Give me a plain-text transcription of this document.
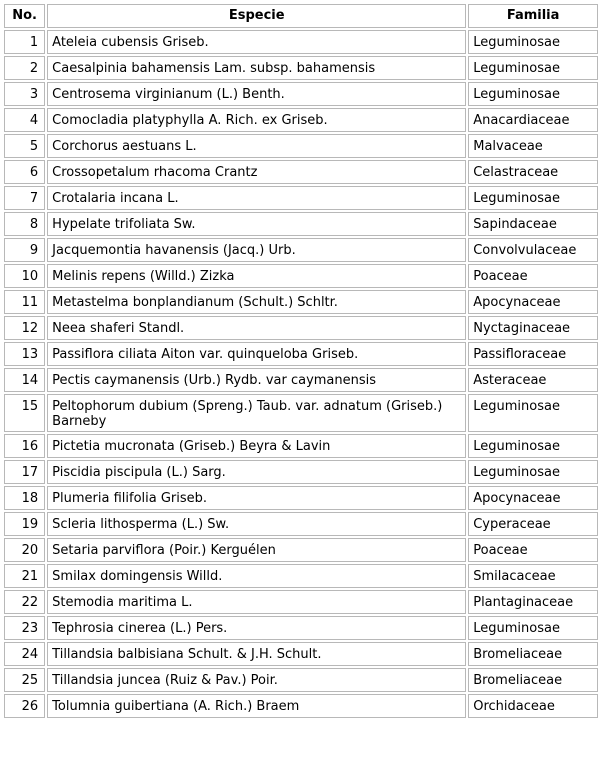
No.	Especie	Familia
1	Ateleia cubensis Griseb.	Leguminosae
2	Caesalpinia bahamensis Lam. subsp. bahamensis	Leguminosae
3	Centrosema virginianum (L.) Benth.	Leguminosae
4	Comocladia platyphylla A. Rich. ex Griseb.	Anacardiaceae
5	Corchorus aestuans L.	Malvaceae
6	Crossopetalum rhacoma Crantz	Celastraceae
7	Crotalaria incana L.	Leguminosae
8	Hypelate trifoliata Sw.	Sapindaceae
9	Jacquemontia havanensis (Jacq.) Urb.	Convolvulaceae
10	Melinis repens (Willd.) Zizka	Poaceae
11	Metastelma bonplandianum (Schult.) Schltr.	Apocynaceae
12	Neea shaferi Standl.	Nyctaginaceae
13	Passiflora ciliata Aiton var. quinqueloba Griseb.	Passifloraceae
14	Pectis caymanensis (Urb.) Rydb. var caymanensis	Asteraceae
15	Peltophorum dubium (Spreng.) Taub. var. adnatum (Griseb.) Barneby	Leguminosae
16	Pictetia mucronata (Griseb.) Beyra & Lavin	Leguminosae
17	Piscidia piscipula (L.) Sarg.	Leguminosae
18	Plumeria filifolia Griseb.	Apocynaceae
19	Scleria lithosperma (L.) Sw.	Cyperaceae
20	Setaria parviflora (Poir.) Kerguélen	Poaceae
21	Smilax domingensis Willd.	Smilacaceae
22	Stemodia maritima L.	Plantaginaceae
23	Tephrosia cinerea (L.) Pers.	Leguminosae
24	Tillandsia balbisiana Schult. & J.H. Schult.	Bromeliaceae
25	Tillandsia juncea (Ruiz & Pav.) Poir.	Bromeliaceae
26	Tolumnia guibertiana (A. Rich.) Braem	Orchidaceae
